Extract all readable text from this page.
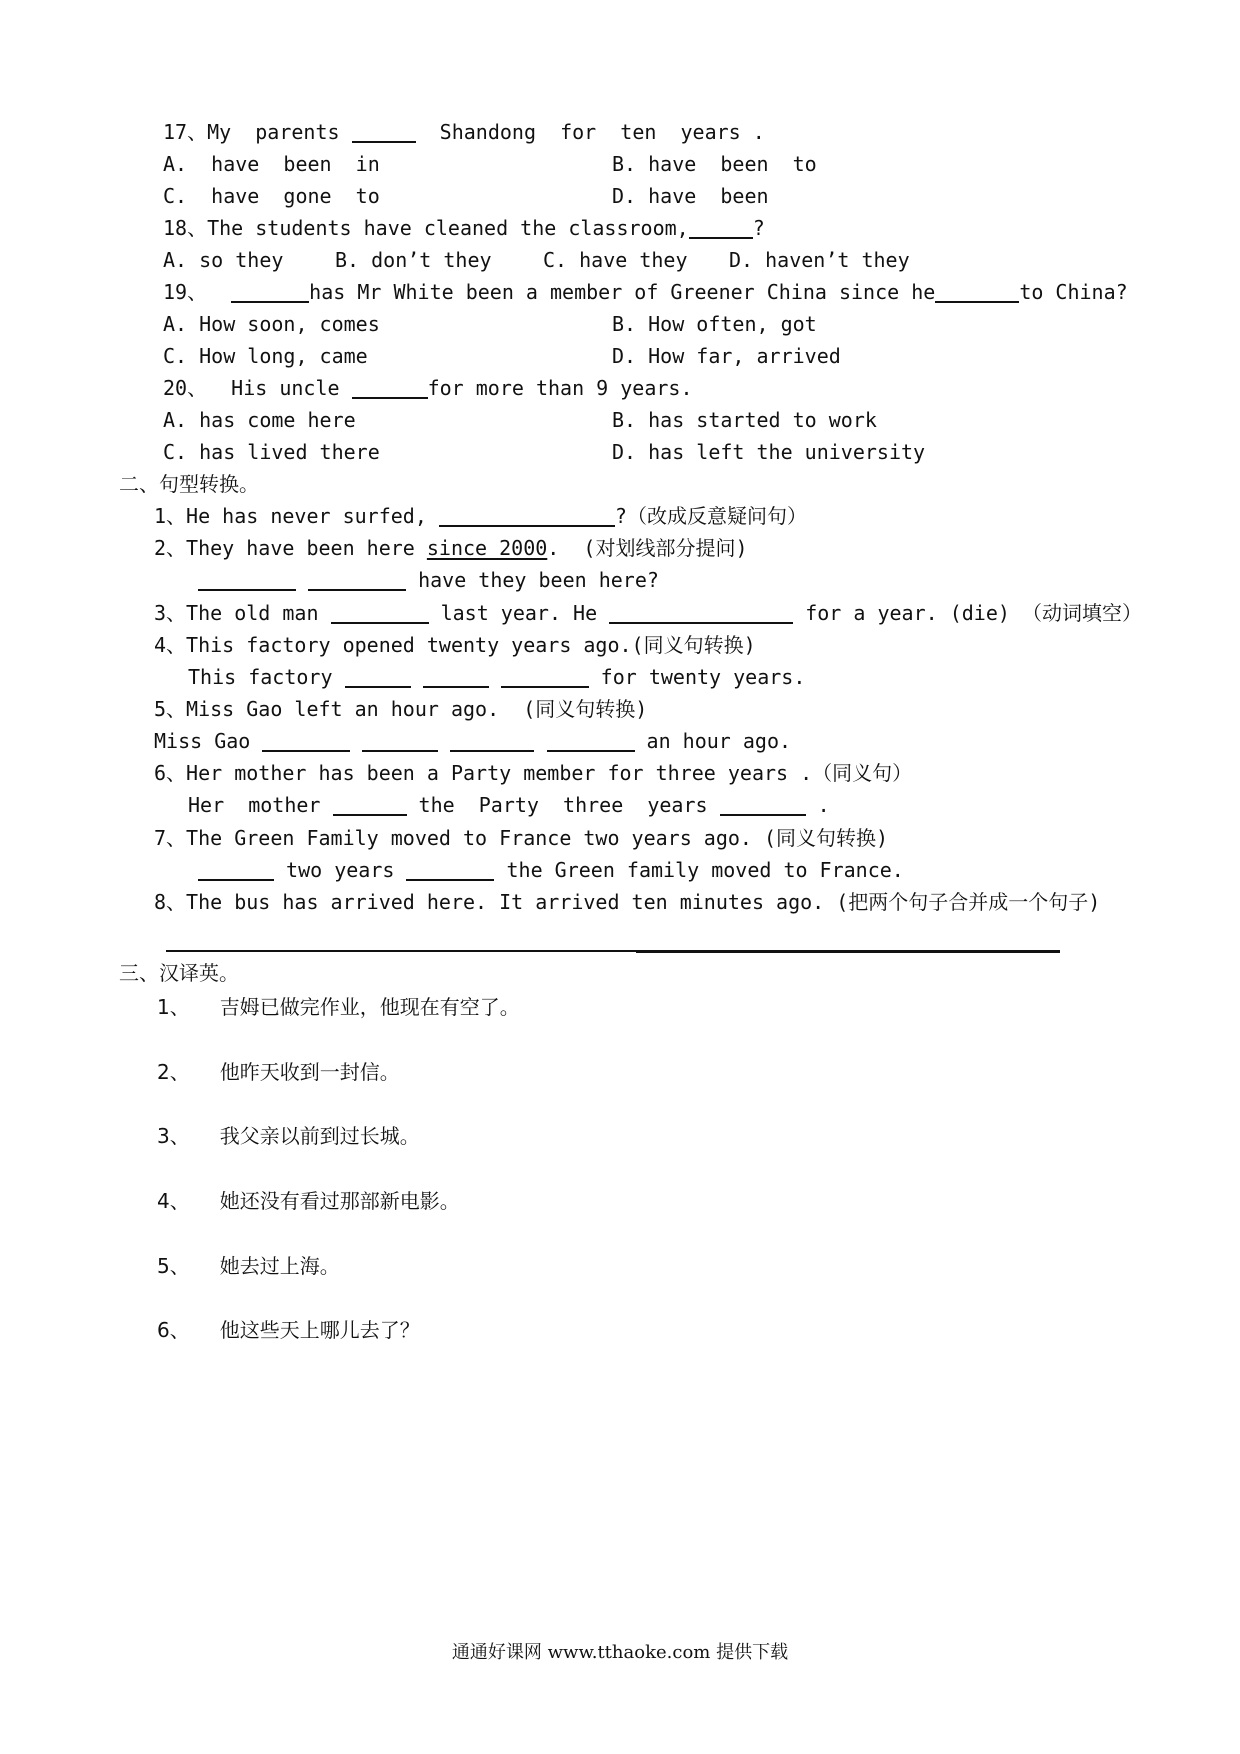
17、My  parents	Shandong  for  ten  years .
A.  have  been  in	B. have  been  to
C.  have  gone  to	D. have  been
18、The students have cleaned the classroom,	?
A. so they	B. don’t they	C. have they D. haven’t they
19、	has Mr White been a member of Greener China since he	to China?
A. How soon, comes	B. How often, got
C. How long, came	D. How far, arrived
20、  His uncle	for more than 9 years.
A. has come here	B. has started to work
C. has lived there	D. has left the university
二、句型转换。
1、He has never surfed,	?（改成反意疑问句）
2、They have been here since 2000.  (对划线部分提问)
have they been here?
3、The old man	last year. He	for a year. (die) （动词填空）
4、This factory opened twenty years ago.(同义句转换)
This factory	for twenty years.
5、Miss Gao left an hour ago.  (同义句转换)
Miss Gao	an hour ago.
6、Her mother has been a Party member for three years .（同义句）
Her  mother	the  Party  three  years	.
7、The Green Family moved to France two years ago. (同义句转换)
two years	the Green family moved to France.
8、The bus has arrived here. It arrived ten minutes ago. (把两个句子合并成一个句子)
三、汉译英。
1、 吉姆已做完作业，他现在有空了。
2、 他昨天收到一封信。
3、 我父亲以前到过长城。
4、 她还没有看过那部新电影。
5、 她去过上海。
6、 他这些天上哪儿去了？
通通好课网 www.tthaoke.com 提供下载
